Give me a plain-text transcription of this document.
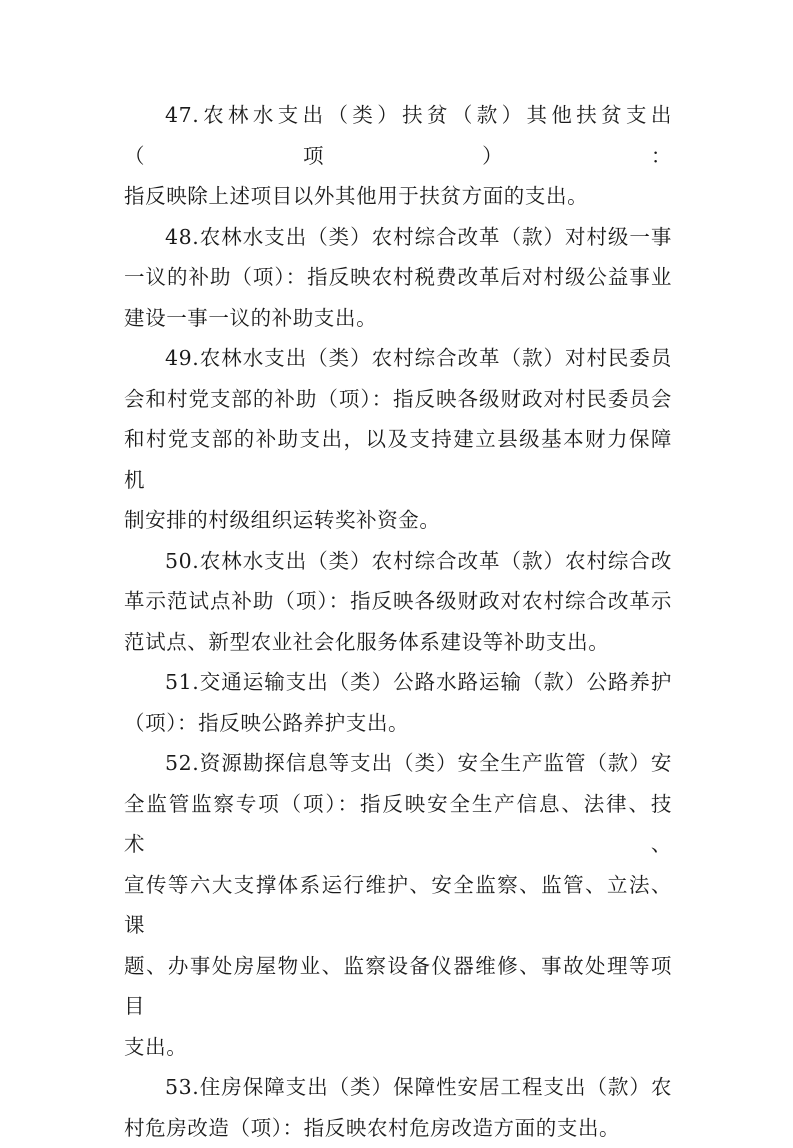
47.农林水支出（类）扶贫（款）其他扶贫支出（项）：
指反映除上述项目以外其他用于扶贫方面的支出。

48.农林水支出（类）农村综合改革（款）对村级一事
一议的补助（项）：指反映农村税费改革后对村级公益事业
建设一事一议的补助支出。

49.农林水支出（类）农村综合改革（款）对村民委员
会和村党支部的补助（项）：指反映各级财政对村民委员会
和村党支部的补助支出，以及支持建立县级基本财力保障机
制安排的村级组织运转奖补资金。

50.农林水支出（类）农村综合改革（款）农村综合改
革示范试点补助（项）：指反映各级财政对农村综合改革示
范试点、新型农业社会化服务体系建设等补助支出。

51.交通运输支出（类）公路水路运输（款）公路养护
（项）：指反映公路养护支出。

52.资源勘探信息等支出（类）安全生产监管（款）安
全监管监察专项（项）：指反映安全生产信息、法律、技术、
宣传等六大支撑体系运行维护、安全监察、监管、立法、课
题、办事处房屋物业、监察设备仪器维修、事故处理等项目
支出。

53.住房保障支出（类）保障性安居工程支出（款）农
村危房改造（项）：指反映农村危房改造方面的支出。
